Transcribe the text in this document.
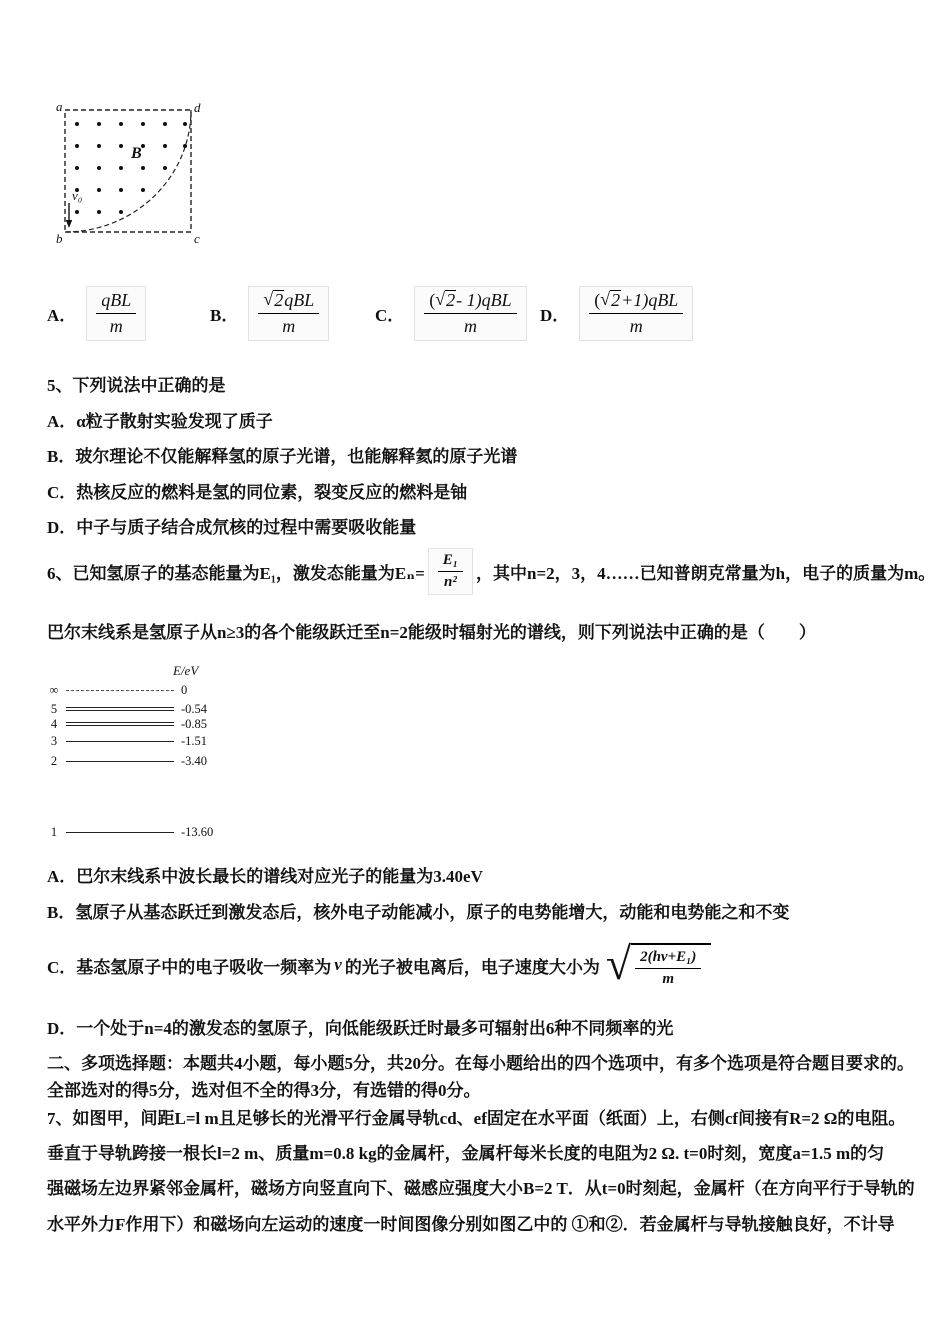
a	d
b	c
B
v₀
A． $\frac{\text{qBL}}{m}$	B． $\frac{\text{√ 2 qBL}}{m}$	C． $\frac{\text{( √ 2 - 1)qBL}}{m}$ D． $\frac{\text{( √ 2 +1)qBL}}{m}$
5、下列说法中正确的是
A．α粒子散射实验发现了质子
B．玻尔理论不仅能解释氢的原子光谱，也能解释氦的原子光谱
C．热核反应的燃料是氢的同位素，裂变反应的燃料是铀
D．中子与质子结合成氘核的过程中需要吸收能量
6、已知氢原子的基态能量为E₁，激发态能量为$E_n= \frac{\text{E₁}}{\text{n²}}$ ，其中n=2，3，4……已知普朗克常量为h，电子的质量为m。
巴尔末线系是氢原子从n≥3的各个能级跃迁至n=2能级时辐射光的谱线，则下列说法中正确的是（　　）
E/eV
∞	0
5	-0.54
4	-0.85
3	-1.51
2	-3.40
1	-13.60
A．巴尔末线系中波长最长的谱线对应光子的能量为3.40eV
B．氢原子从基态跃迁到激发态后，核外电子动能减小，原子的电势能增大，动能和电势能之和不变
C．基态氢原子中的电子吸收一频率为 ν 的光子被电离后，电子速度大小为 √ $\frac{\text{2(hν+E₁)}}{m}$
D．一个处于n=4的激发态的氢原子，向低能级跃迁时最多可辐射出6种不同频率的光
二、多项选择题：本题共4小题，每小题5分，共20分。在每小题给出的四个选项中，有多个选项是符合题目要求的。
全部选对的得5分，选对但不全的得3分，有选错的得0分。
7、如图甲，间距L=l m且足够长的光滑平行金属导轨cd、ef固定在水平面（纸面）上，右侧cf间接有R=2 Ω的电阻。
垂直于导轨跨接一根长l=2 m、质量m=0.8 kg的金属杆，金属杆每米长度的电阻为2 Ω. t=0时刻，宽度a=1.5 m的匀
强磁场左边界紧邻金属杆，磁场方向竖直向下、磁感应强度大小B=2 T．从t=0时刻起，金属杆（在方向平行于导轨的
水平外力F作用下）和磁场向左运动的速度一时间图像分别如图乙中的 ①和②．若金属杆与导轨接触良好，不计导
